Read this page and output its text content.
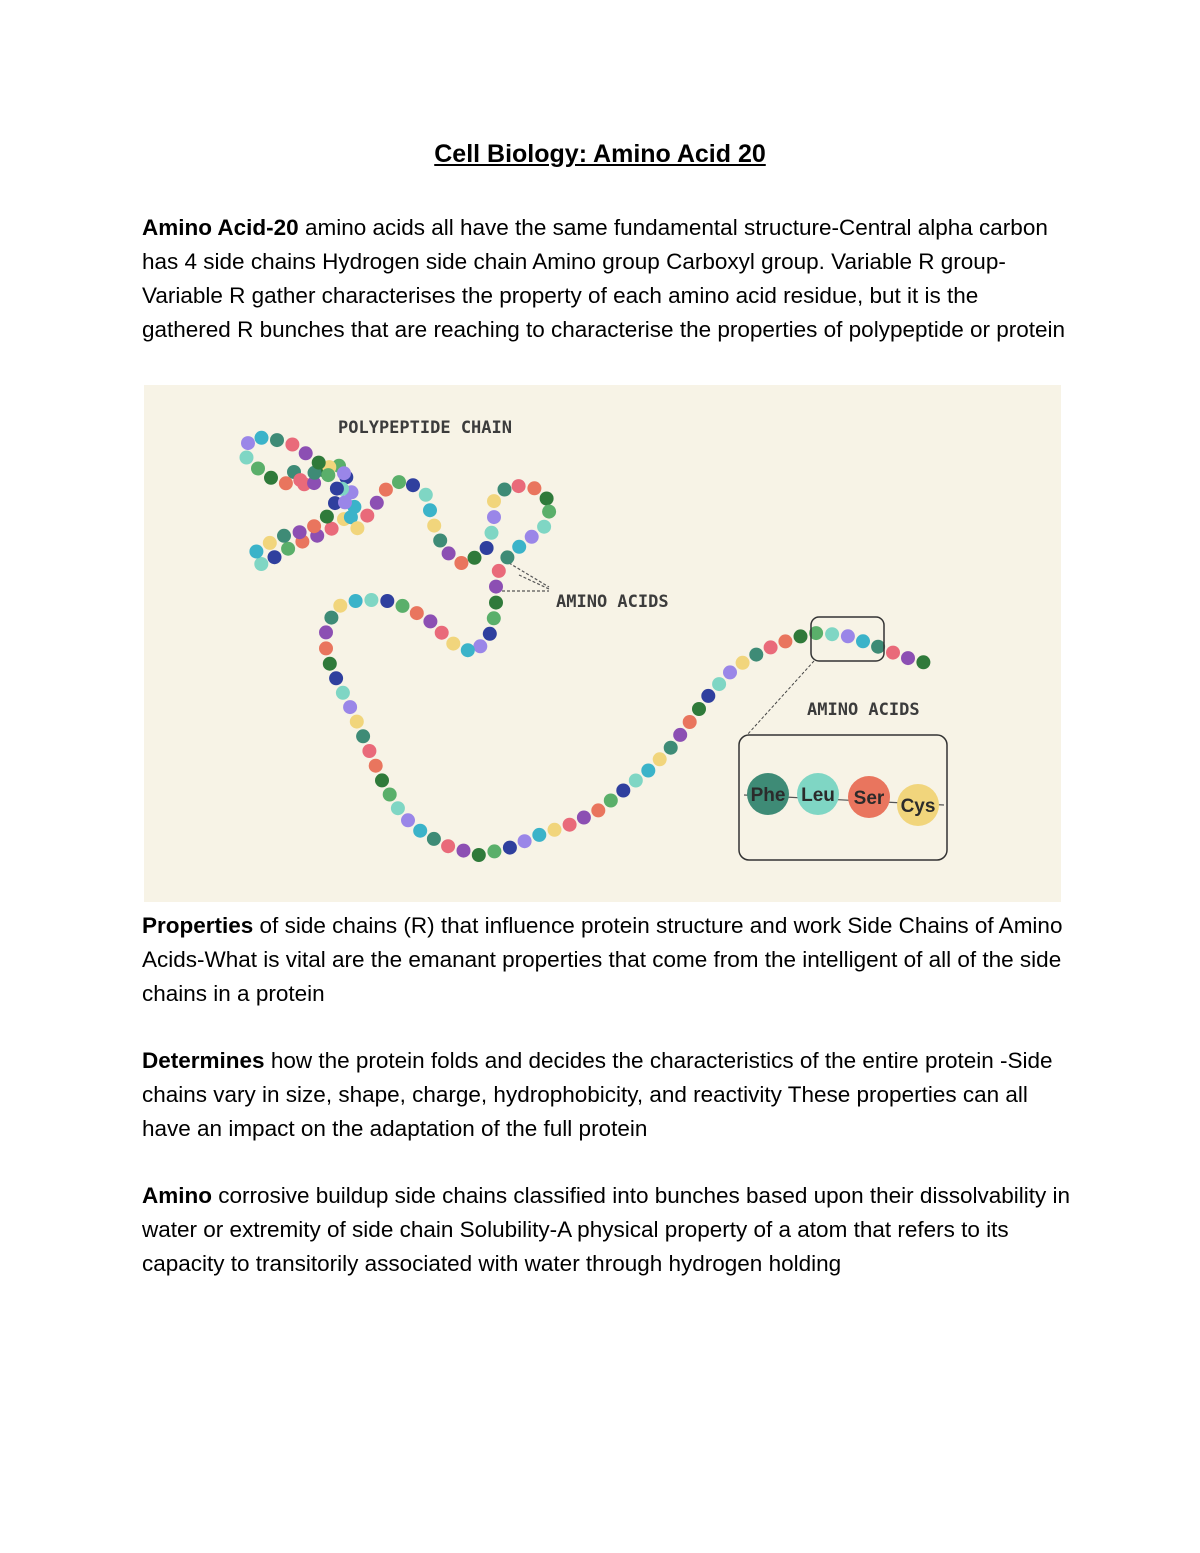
Cell Biology: Amino Acid 20

Amino Acid-20 amino acids all have the same fundamental structure-Central alpha carbon has 4 side chains Hydrogen side chain Amino group Carboxyl group. Variable R group-Variable R gather characterises the property of each amino acid residue, but it is the gathered R bunches that are reaching to characterise the properties of polypeptide or protein

POLYPEPTIDE CHAIN
AMINO ACIDS
AMINO ACIDS
Phe Leu Ser Cys

Properties of side chains (R) that influence protein structure and work Side Chains of Amino Acids-What is vital are the emanant properties that come from the intelligent of all of the side chains in a protein

Determines how the protein folds and decides the characteristics of the entire protein -Side chains vary in size, shape, charge, hydrophobicity, and reactivity These properties can all have an impact on the adaptation of the full protein

Amino corrosive buildup side chains classified into bunches based upon their dissolvability in water or extremity of side chain Solubility-A physical property of a atom that refers to its capacity to transitorily associated with water through hydrogen holding
